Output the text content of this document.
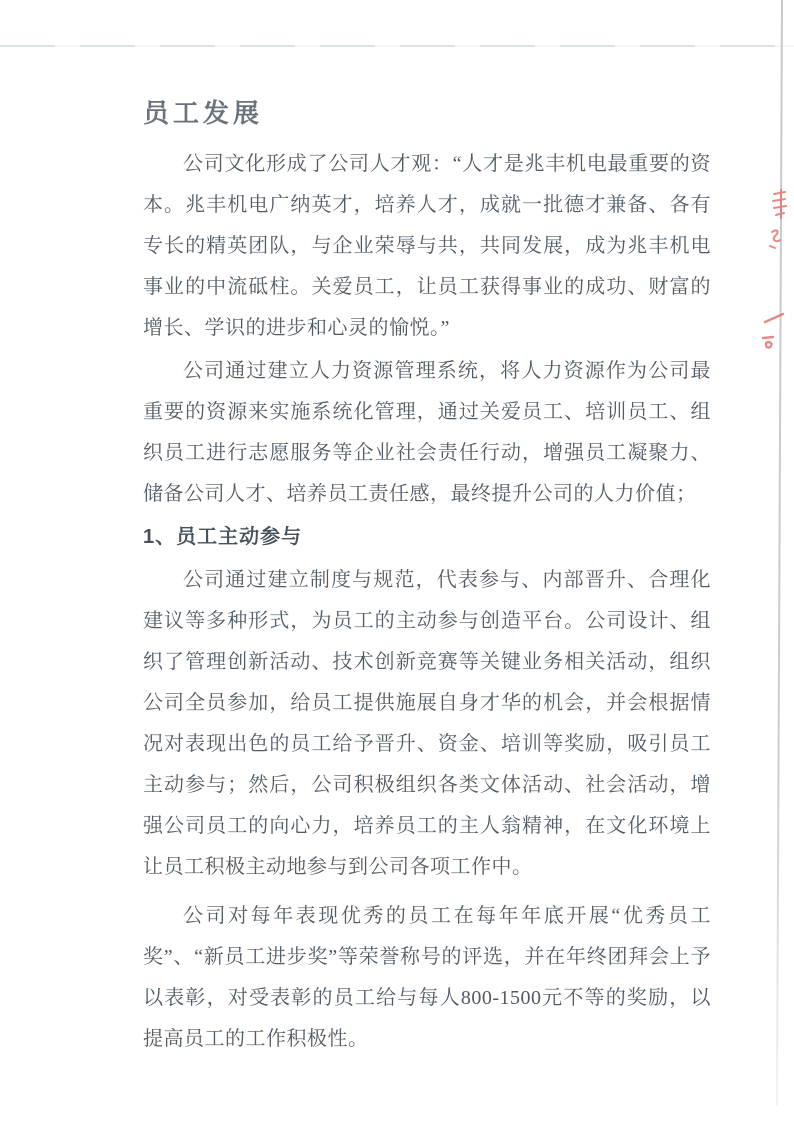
员工发展

公司文化形成了公司人才观：“人才是兆丰机电最重要的资本。兆丰机电广纳英才，培养人才，成就一批德才兼备、各有专长的精英团队，与企业荣辱与共，共同发展，成为兆丰机电事业的中流砥柱。关爱员工，让员工获得事业的成功、财富的增长、学识的进步和心灵的愉悦。”

公司通过建立人力资源管理系统，将人力资源作为公司最重要的资源来实施系统化管理，通过关爱员工、培训员工、组织员工进行志愿服务等企业社会责任行动，增强员工凝聚力、储备公司人才、培养员工责任感，最终提升公司的人力价值；

1、员工主动参与

公司通过建立制度与规范，代表参与、内部晋升、合理化建议等多种形式，为员工的主动参与创造平台。公司设计、组织了管理创新活动、技术创新竞赛等关键业务相关活动，组织公司全员参加，给员工提供施展自身才华的机会，并会根据情况对表现出色的员工给予晋升、资金、培训等奖励，吸引员工主动参与；然后，公司积极组织各类文体活动、社会活动，增强公司员工的向心力，培养员工的主人翁精神，在文化环境上让员工积极主动地参与到公司各项工作中。

公司对每年表现优秀的员工在每年年底开展“优秀员工奖”、“新员工进步奖”等荣誉称号的评选，并在年终团拜会上予以表彰，对受表彰的员工给与每人800-1500元不等的奖励，以提高员工的工作积极性。
